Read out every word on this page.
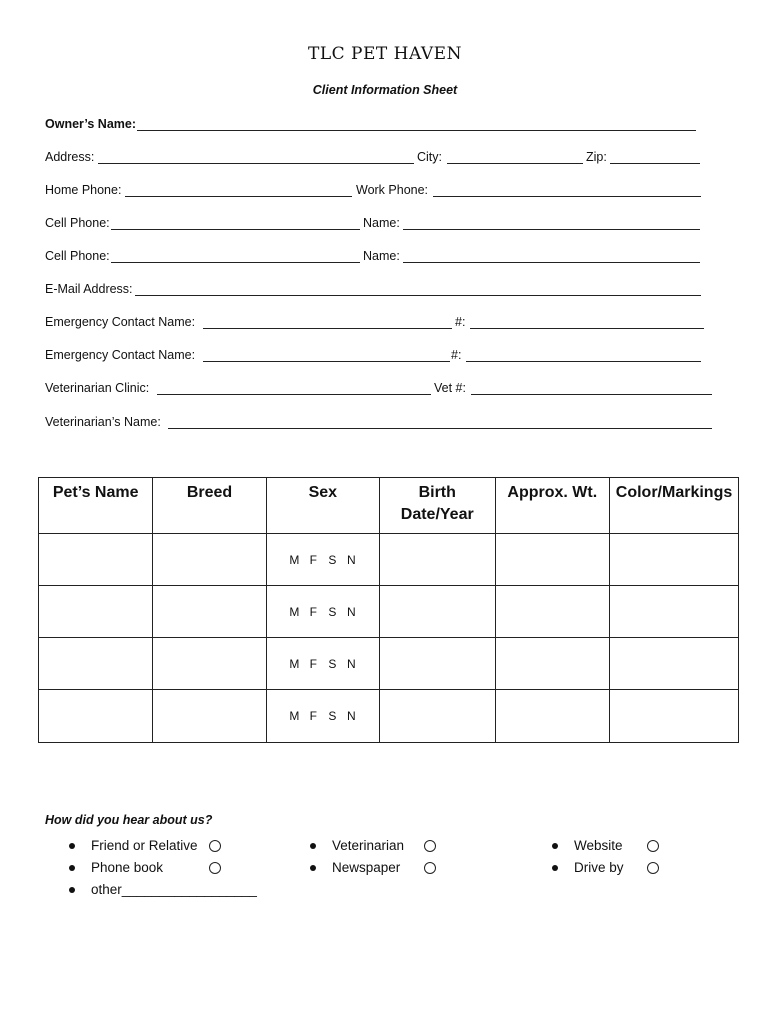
TLC PET HAVEN
Client Information Sheet
Owner’s Name:
Address:	City:	Zip:
Home Phone:	Work Phone:
Cell Phone:	Name:
Cell Phone:	Name:
E-Mail Address:
Emergency Contact Name:	#:
Emergency Contact Name:	#:
Veterinarian Clinic:	Vet #:
Veterinarian’s Name:
Pet’s Name	Breed	Sex	Birth Date/Year	Approx. Wt.	Color/Markings
		M F S N			
		M F S N			
		M F S N			
		M F S N			
How did you hear about us?
Friend or Relative
Phone book
other__________________
Veterinarian
Newspaper
Website
Drive by
